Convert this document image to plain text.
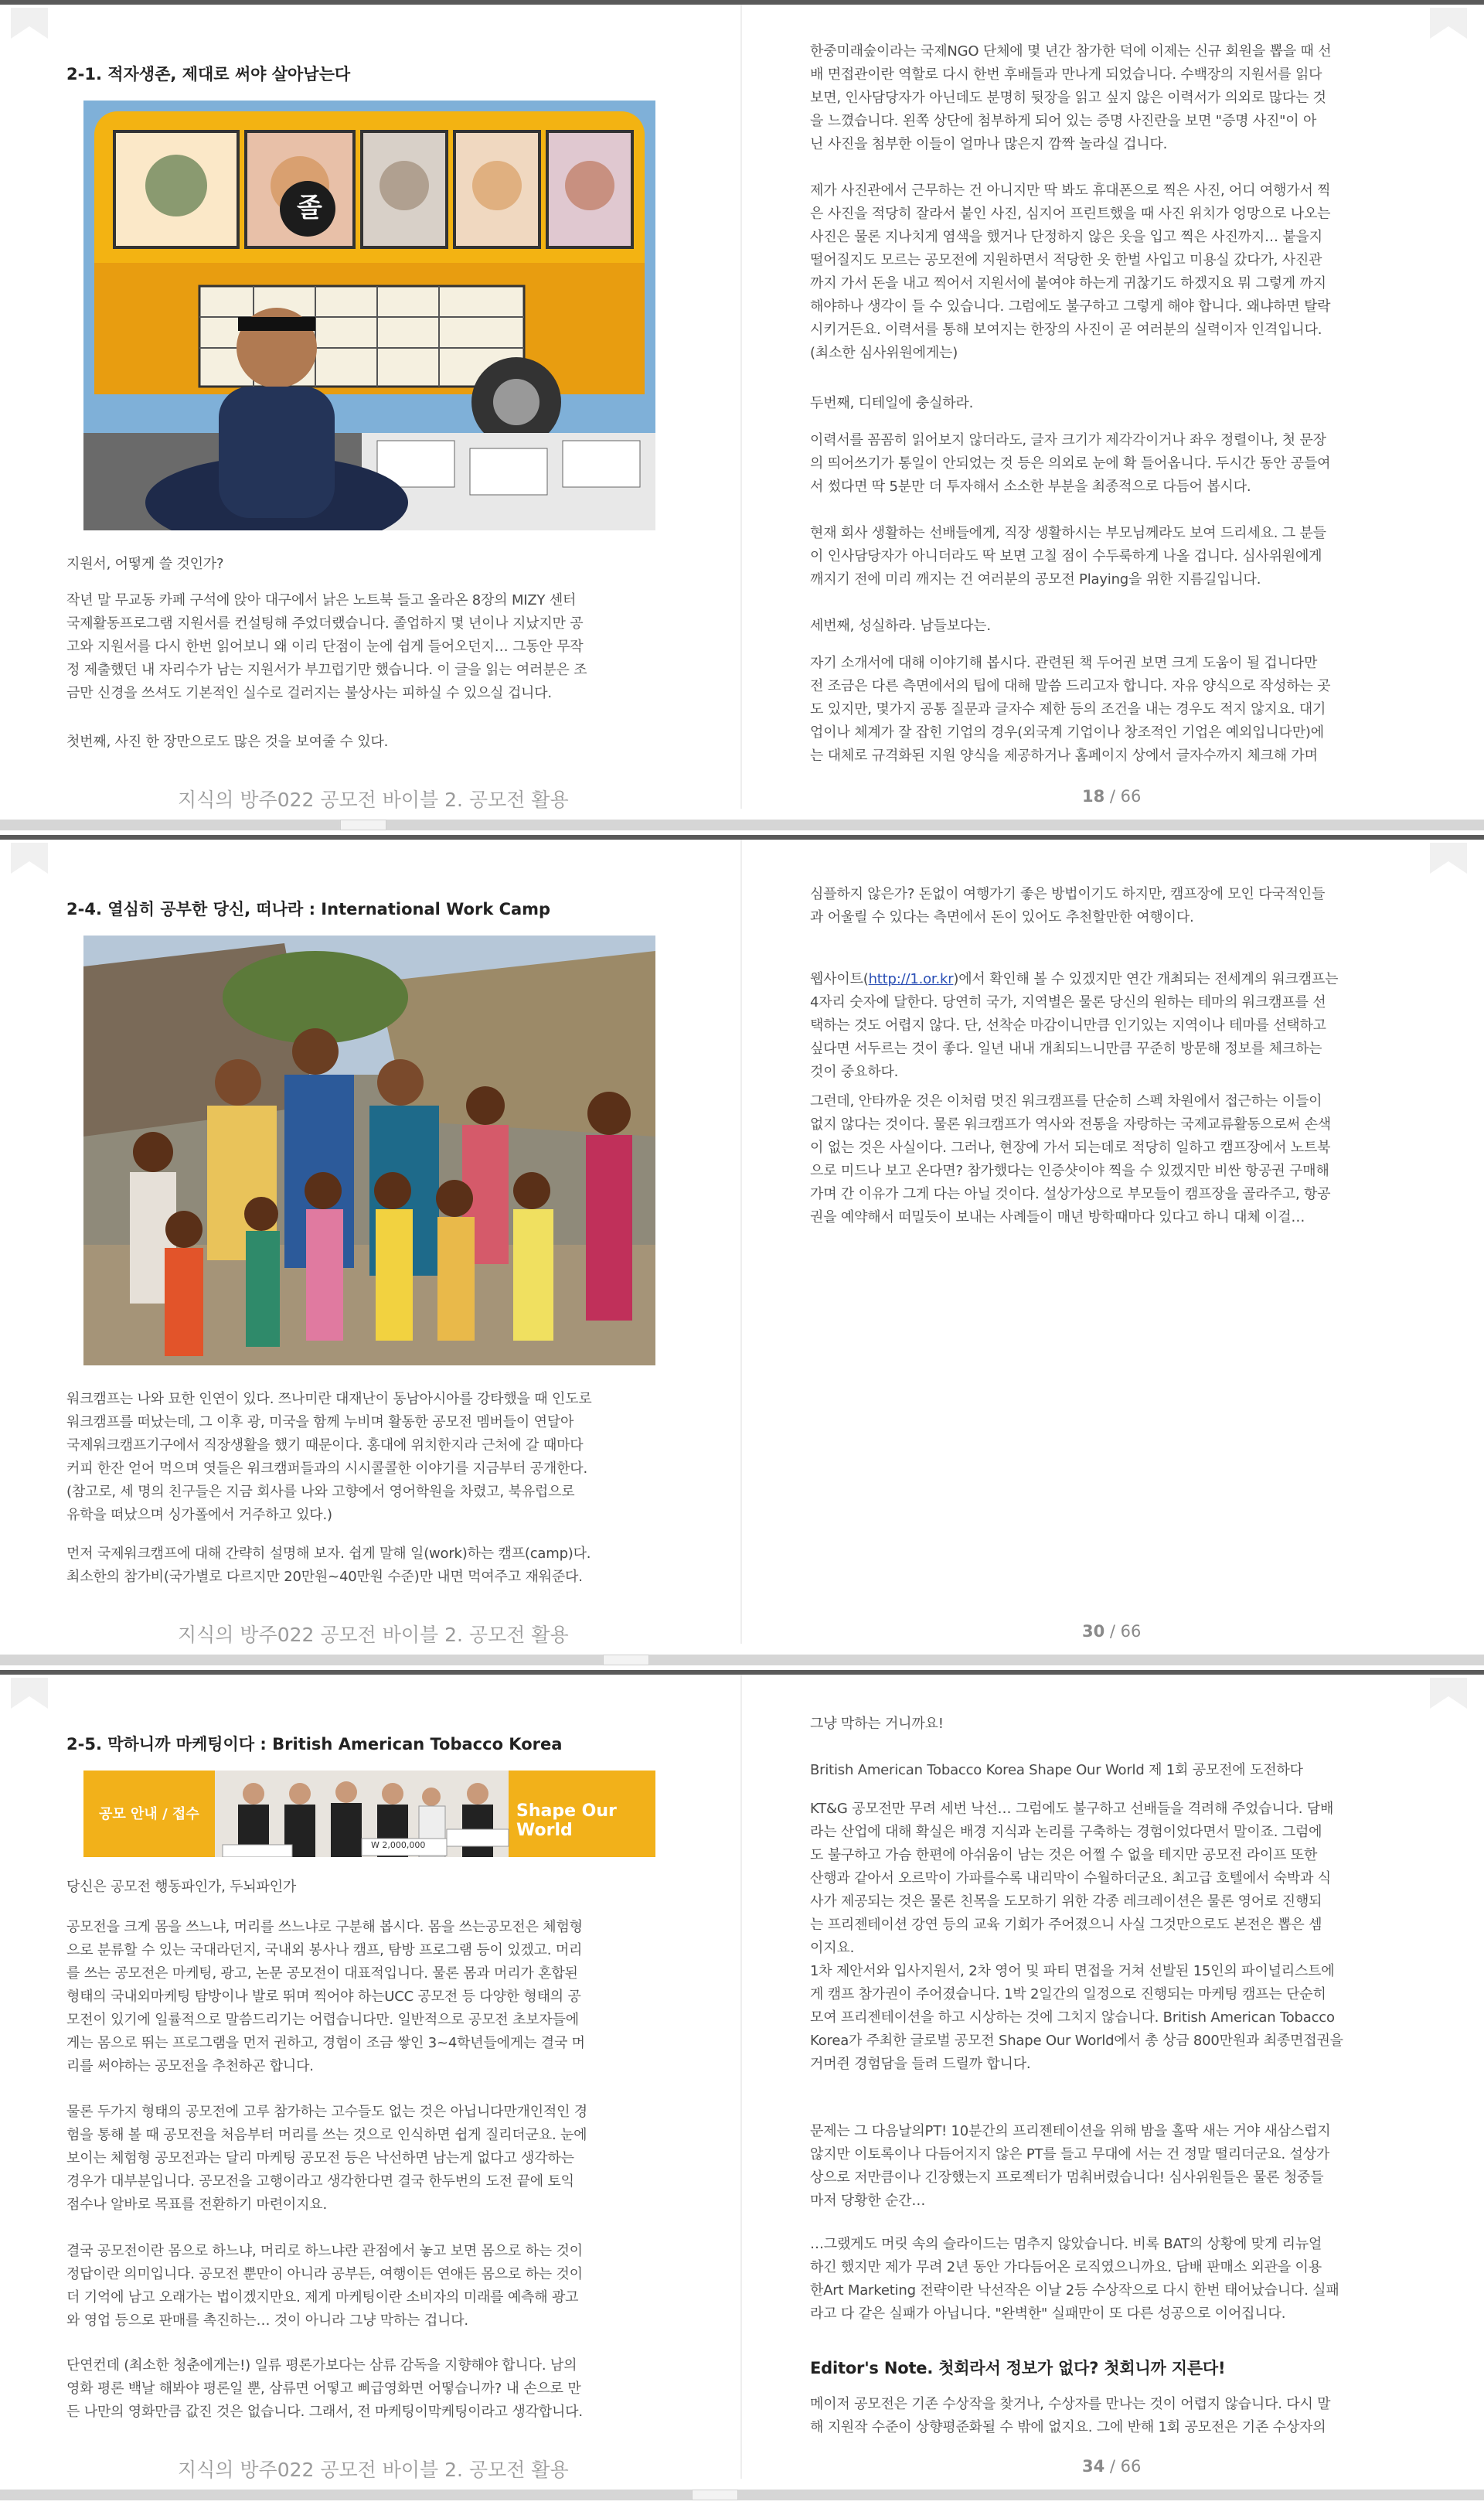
2-1. 적자생존, 제대로 써야 살아남는다
졸
지원서, 어떻게 쓸 것인가?
작년 말 무교동 카페 구석에 앉아 대구에서 낡은 노트북 들고 올라온 8장의 MIZY 센터
국제활동프로그램 지원서를 컨설팅해 주었더랬습니다. 졸업하지 몇 년이나 지났지만 공
고와 지원서를 다시 한번 읽어보니 왜 이리 단점이 눈에 쉽게 들어오던지… 그동안 무작
정 제출했던 내 자리수가 남는 지원서가 부끄럽기만 했습니다. 이 글을 읽는 여러분은 조
금만 신경을 쓰셔도 기본적인 실수로 걸러지는 불상사는 피하실 수 있으실 겁니다.
첫번째, 사진 한 장만으로도 많은 것을 보여줄 수 있다.
지식의 방주022 공모전 바이블 2. 공모전 활용
한중미래숲이라는 국제NGO 단체에 몇 년간 참가한 덕에 이제는 신규 회원을 뽑을 때 선
배 면접관이란 역할로 다시 한번 후배들과 만나게 되었습니다. 수백장의 지원서를 읽다
보면, 인사담당자가 아닌데도 분명히 뒷장을 읽고 싶지 않은 이력서가 의외로 많다는 것
을 느꼈습니다. 왼쪽 상단에 첨부하게 되어 있는 증명 사진란을 보면 "증명 사진"이 아
닌 사진을 첨부한 이들이 얼마나 많은지 깜짝 놀라실 겁니다.
제가 사진관에서 근무하는 건 아니지만 딱 봐도 휴대폰으로 찍은 사진, 어디 여행가서 찍
은 사진을 적당히 잘라서 붙인 사진, 심지어 프린트했을 때 사진 위치가 엉망으로 나오는
사진은 물론 지나치게 염색을 했거나 단정하지 않은 옷을 입고 찍은 사진까지… 붙을지
떨어질지도 모르는 공모전에 지원하면서 적당한 옷 한벌 사입고 미용실 갔다가, 사진관
까지 가서 돈을 내고 찍어서 지원서에 붙여야 하는게 귀찮기도 하겠지요 뭐 그렇게 까지
해야하나 생각이 들 수 있습니다. 그럼에도 불구하고 그렇게 해야 합니다. 왜냐하면 탈락
시키거든요. 이력서를 통해 보여지는 한장의 사진이 곧 여러분의 실력이자 인격입니다.
(최소한 심사위원에게는)
두번째, 디테일에 충실하라.
이력서를 꼼꼼히 읽어보지 않더라도, 글자 크기가 제각각이거나 좌우 정렬이나, 첫 문장
의 띄어쓰기가 통일이 안되었는 것 등은 의외로 눈에 확 들어옵니다. 두시간 동안 공들여
서 썼다면 딱 5분만 더 투자해서 소소한 부분을 최종적으로 다듬어 봅시다.
현재 회사 생활하는 선배들에게, 직장 생활하시는 부모님께라도 보여 드리세요. 그 분들
이 인사담당자가 아니더라도 딱 보면 고칠 점이 수두룩하게 나올 겁니다. 심사위원에게
깨지기 전에 미리 깨지는 건 여러분의 공모전 Playing을 위한 지름길입니다.
세번째, 성실하라. 남들보다는.
자기 소개서에 대해 이야기해 봅시다. 관련된 책 두어권 보면 크게 도움이 될 겁니다만
전 조금은 다른 측면에서의 팁에 대해 말씀 드리고자 합니다. 자유 양식으로 작성하는 곳
도 있지만, 몇가지 공통 질문과 글자수 제한 등의 조건을 내는 경우도 적지 않지요. 대기
업이나 체계가 잘 잡힌 기업의 경우(외국계 기업이나 창조적인 기업은 예외입니다만)에
는 대체로 규격화된 지원 양식을 제공하거나 홈페이지 상에서 글자수까지 체크해 가며
18 / 66
2-4. 열심히 공부한 당신, 떠나라 : International Work Camp
워크캠프는 나와 묘한 인연이 있다. 쯔나미란 대재난이 동남아시아를 강타했을 때 인도로
워크캠프를 떠났는데, 그 이후 광, 미국을 함께 누비며 활동한 공모전 멤버들이 연달아
국제워크캠프기구에서 직장생활을 했기 때문이다. 홍대에 위치한지라 근처에 갈 때마다
커피 한잔 얻어 먹으며 엿들은 워크캠퍼들과의 시시콜콜한 이야기를 지금부터 공개한다.
(참고로, 세 명의 친구들은 지금 회사를 나와 고향에서 영어학원을 차렸고, 북유럽으로
유학을 떠났으며 싱가폴에서 거주하고 있다.)
먼저 국제워크캠프에 대해 간략히 설명해 보자. 쉽게 말해 일(work)하는 캠프(camp)다.
최소한의 참가비(국가별로 다르지만 20만원~40만원 수준)만 내면 먹여주고 재워준다.
지식의 방주022 공모전 바이블 2. 공모전 활용
심플하지 않은가? 돈없이 여행가기 좋은 방법이기도 하지만, 캠프장에 모인 다국적인들
과 어울릴 수 있다는 측면에서 돈이 있어도 추천할만한 여행이다.

웹사이트(http://1.or.kr)에서 확인해 볼 수 있겠지만 연간 개최되는 전세계의 워크캠프는
4자리 숫자에 달한다. 당연히 국가, 지역별은 물론 당신의 원하는 테마의 워크캠프를 선
택하는 것도 어렵지 않다. 단, 선착순 마감이니만큼 인기있는 지역이나 테마를 선택하고
싶다면 서두르는 것이 좋다. 일년 내내 개최되느니만큼 꾸준히 방문해 정보를 체크하는
것이 중요하다.

그런데, 안타까운 것은 이처럼 멋진 워크캠프를 단순히 스펙 차원에서 접근하는 이들이
없지 않다는 것이다. 물론 워크캠프가 역사와 전통을 자랑하는 국제교류활동으로써 손색
이 없는 것은 사실이다. 그러나, 현장에 가서 되는데로 적당히 일하고 캠프장에서 노트북
으로 미드나 보고 온다면? 참가했다는 인증샷이야 찍을 수 있겠지만 비싼 항공권 구매해
가며 간 이유가 그게 다는 아닐 것이다. 설상가상으로 부모들이 캠프장을 골라주고, 항공
권을 예약해서 떠밀듯이 보내는 사례들이 매년 방학때마다 있다고 하니 대체 이걸…
30 / 66
2-5. 막하니까 마케팅이다 : British American Tobacco Korea
공모 안내 / 접수
W 2,000,000
Shape Our World
당신은 공모전 행동파인가, 두뇌파인가
공모전을 크게 몸을 쓰느냐, 머리를 쓰느냐로 구분해 봅시다. 몸을 쓰는공모전은 체험형
으로 분류할 수 있는 국대라던지, 국내외 봉사나 캠프, 탐방 프로그램 등이 있겠고. 머리
를 쓰는 공모전은 마케팅, 광고, 논문 공모전이 대표적입니다. 물론 몸과 머리가 혼합된
형태의 국내외마케팅 탐방이나 발로 뛰며 찍어야 하는UCC 공모전 등 다양한 형태의 공
모전이 있기에 일률적으로 말씀드리기는 어렵습니다만. 일반적으로 공모전 초보자들에
게는 몸으로 뛰는 프로그램을 먼저 권하고, 경험이 조금 쌓인 3~4학년들에게는 결국 머
리를 써야하는 공모전을 추천하곤 합니다.
물론 두가지 형태의 공모전에 고루 참가하는 고수들도 없는 것은 아닙니다만개인적인 경
험을 통해 볼 때 공모전을 처음부터 머리를 쓰는 것으로 인식하면 쉽게 질리더군요. 눈에
보이는 체험형 공모전과는 달리 마케팅 공모전 등은 낙선하면 남는게 없다고 생각하는
경우가 대부분입니다. 공모전을 고행이라고 생각한다면 결국 한두번의 도전 끝에 토익
점수나 알바로 목표를 전환하기 마련이지요.
결국 공모전이란 몸으로 하느냐, 머리로 하느냐란 관점에서 놓고 보면 몸으로 하는 것이
정답이란 의미입니다. 공모전 뿐만이 아니라 공부든, 여행이든 연애든 몸으로 하는 것이
더 기억에 남고 오래가는 법이겠지만요. 제게 마케팅이란 소비자의 미래를 예측해 광고
와 영업 등으로 판매를 촉진하는… 것이 아니라 그냥 막하는 겁니다.
단연컨데 (최소한 청춘에게는!) 일류 평론가보다는 삼류 감독을 지향해야 합니다. 남의
영화 평론 백날 해봐야 평론일 뿐, 삼류면 어떻고 삐급영화면 어떻습니까? 내 손으로 만
든 나만의 영화만큼 값진 것은 없습니다. 그래서, 전 마케팅이막케팅이라고 생각합니다.
지식의 방주022 공모전 바이블 2. 공모전 활용
그냥 막하는 거니까요!
British American Tobacco Korea Shape Our World 제 1회 공모전에 도전하다
KT&G 공모전만 무려 세번 낙선… 그럼에도 불구하고 선배들을 격려해 주었습니다. 담배
라는 산업에 대해 확실은 배경 지식과 논리를 구축하는 경험이었다면서 말이죠. 그럼에
도 불구하고 가슴 한편에 아쉬움이 남는 것은 어쩔 수 없을 테지만 공모전 라이프 또한
산행과 같아서 오르막이 가파를수록 내리막이 수월하더군요. 최고급 호텔에서 숙박과 식
사가 제공되는 것은 물론 친목을 도모하기 위한 각종 레크레이션은 물론 영어로 진행되
는 프리젠테이션 강연 등의 교육 기회가 주어졌으니 사실 그것만으로도 본전은 뽑은 셈
이지요.
1차 제안서와 입사지원서, 2차 영어 및 파티 면접을 거쳐 선발된 15인의 파이널리스트에
게 캠프 참가권이 주어졌습니다. 1박 2일간의 일정으로 진행되는 마케팅 캠프는 단순히
모여 프리젠테이션을 하고 시상하는 것에 그치지 않습니다. British American Tobacco
Korea가 주최한 글로벌 공모전 Shape Our World에서 총 상금 800만원과 최종면접권을
거머쥔 경험담을 들려 드릴까 합니다.
문제는 그 다음날의PT! 10분간의 프리젠테이션을 위해 밤을 홀딱 새는 거야 새삼스럽지
않지만 이토록이나 다듬어지지 않은 PT를 들고 무대에 서는 건 정말 떨리더군요. 설상가
상으로 저만큼이나 긴장했는지 프로젝터가 멈춰버렸습니다! 심사위원들은 물론 청중들
마저 당황한 순간…
…그랬게도 머릿 속의 슬라이드는 멈추지 않았습니다. 비록 BAT의 상황에 맞게 리뉴얼
하긴 했지만 제가 무려 2년 동안 가다듬어온 로직였으니까요. 담배 판매소 외관을 이용
한Art Marketing 전략이란 낙선작은 이날 2등 수상작으로 다시 한번 태어났습니다. 실패
라고 다 같은 실패가 아닙니다. "완벽한" 실패만이 또 다른 성공으로 이어집니다.
Editor's Note. 첫회라서 정보가 없다? 첫회니까 지른다!
메이저 공모전은 기존 수상작을 찾거나, 수상자를 만나는 것이 어렵지 않습니다. 다시 말
해 지원작 수준이 상향평준화될 수 밖에 없지요. 그에 반해 1회 공모전은 기존 수상자의
34 / 66
